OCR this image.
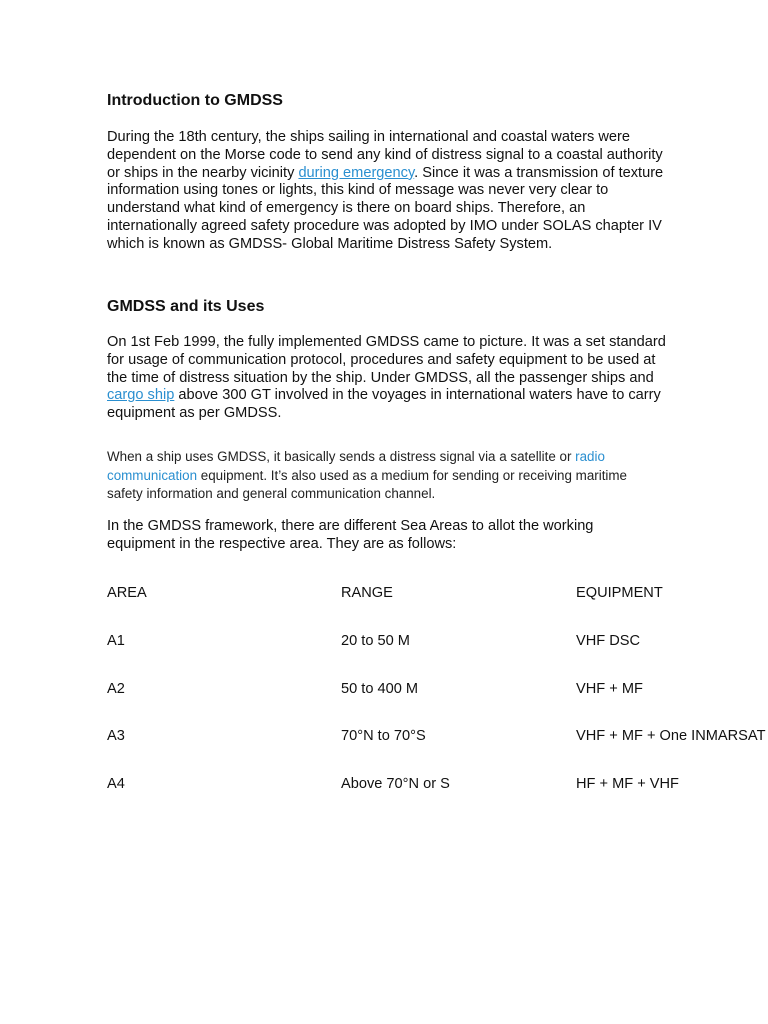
Introduction to GMDSS

During the 18th century, the ships sailing in international and coastal waters were dependent on the Morse code to send any kind of distress signal to a coastal authority or ships in the nearby vicinity during emergency. Since it was a transmission of texture information using tones or lights, this kind of message was never very clear to understand what kind of emergency is there on board ships. Therefore, an internationally agreed safety procedure was adopted by IMO under SOLAS chapter IV which is known as GMDSS- Global Maritime Distress Safety System.

GMDSS and its Uses

On 1st Feb 1999, the fully implemented GMDSS came to picture. It was a set standard for usage of communication protocol, procedures and safety equipment to be used at the time of distress situation by the ship. Under GMDSS, all the passenger ships and cargo ship above 300 GT involved in the voyages in international waters have to carry equipment as per GMDSS.

When a ship uses GMDSS, it basically sends a distress signal via a satellite or radio communication equipment. It’s also used as a medium for sending or receiving maritime safety information and general communication channel.

In the GMDSS framework, there are different Sea Areas to allot the working equipment in the respective area. They are as follows:

AREA	RANGE	EQUIPMENT
A1	20 to 50 M	VHF DSC
A2	50 to 400 M	VHF + MF
A3	70°N to 70°S	VHF + MF + One INMARSAT
A4	Above 70°N or S	HF + MF + VHF
